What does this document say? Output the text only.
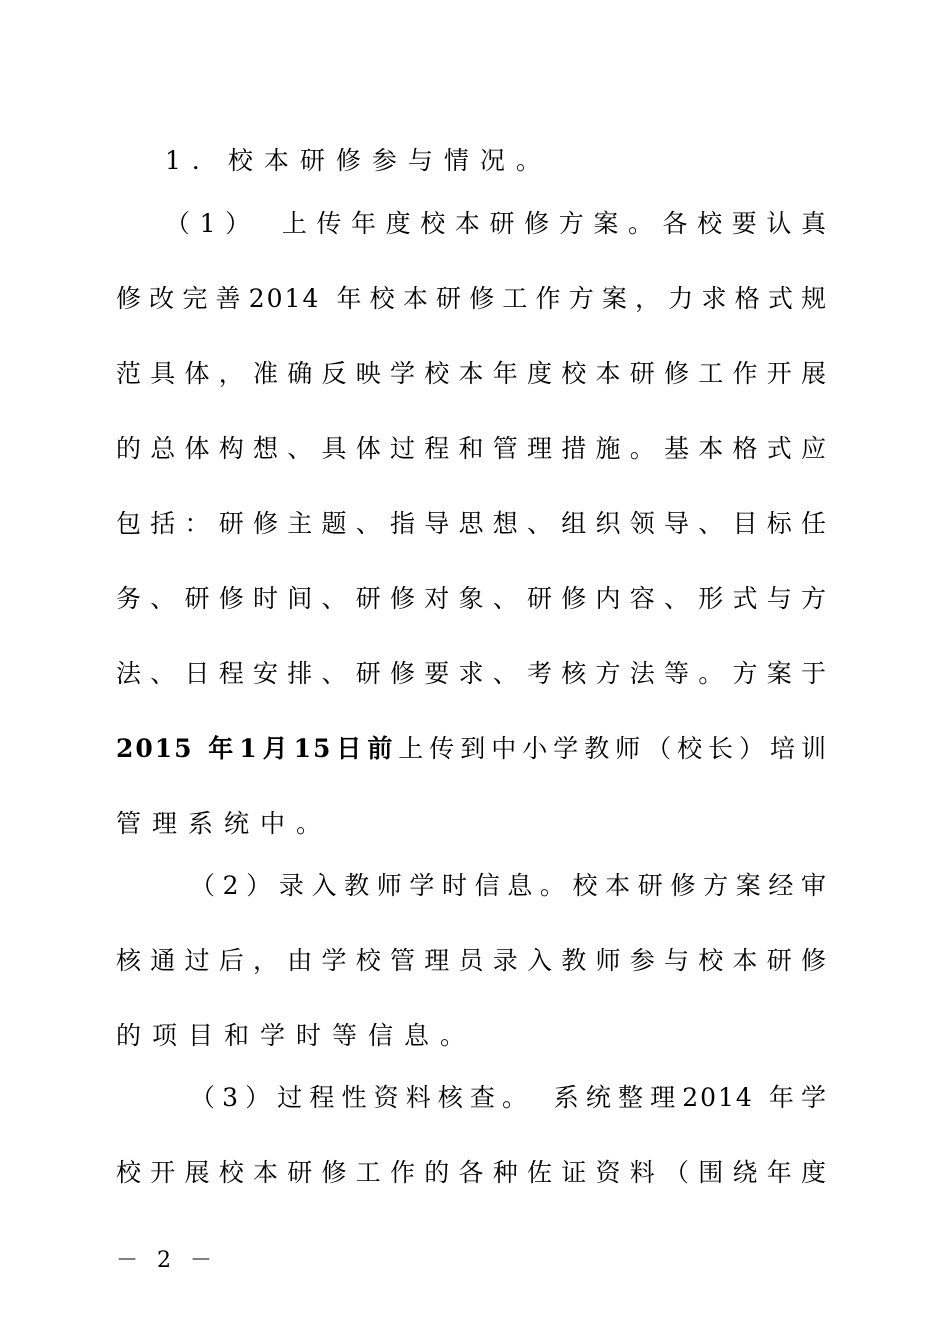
1．校本研修参与情况。
（1）　上传年度校本研修方案。各校要认真
修改完善2014 年校本研修工作方案，力求格式规
范具体，准确反映学校本年度校本研修工作开展
的总体构想、具体过程和管理措施。基本格式应
包括：研修主题、指导思想、组织领导、目标任
务、研修时间、研修对象、研修内容、形式与方
法、日程安排、研修要求、考核方法等。方案于
2015 年1月15日前上传到中小学教师（校长）培训
管理系统中。
（2）录入教师学时信息。校本研修方案经审
核通过后，由学校管理员录入教师参与校本研修
的项目和学时等信息。
（3）过程性资料核查。　系统整理2014 年学
校开展校本研修工作的各种佐证资料（围绕年度
－ 2 －
